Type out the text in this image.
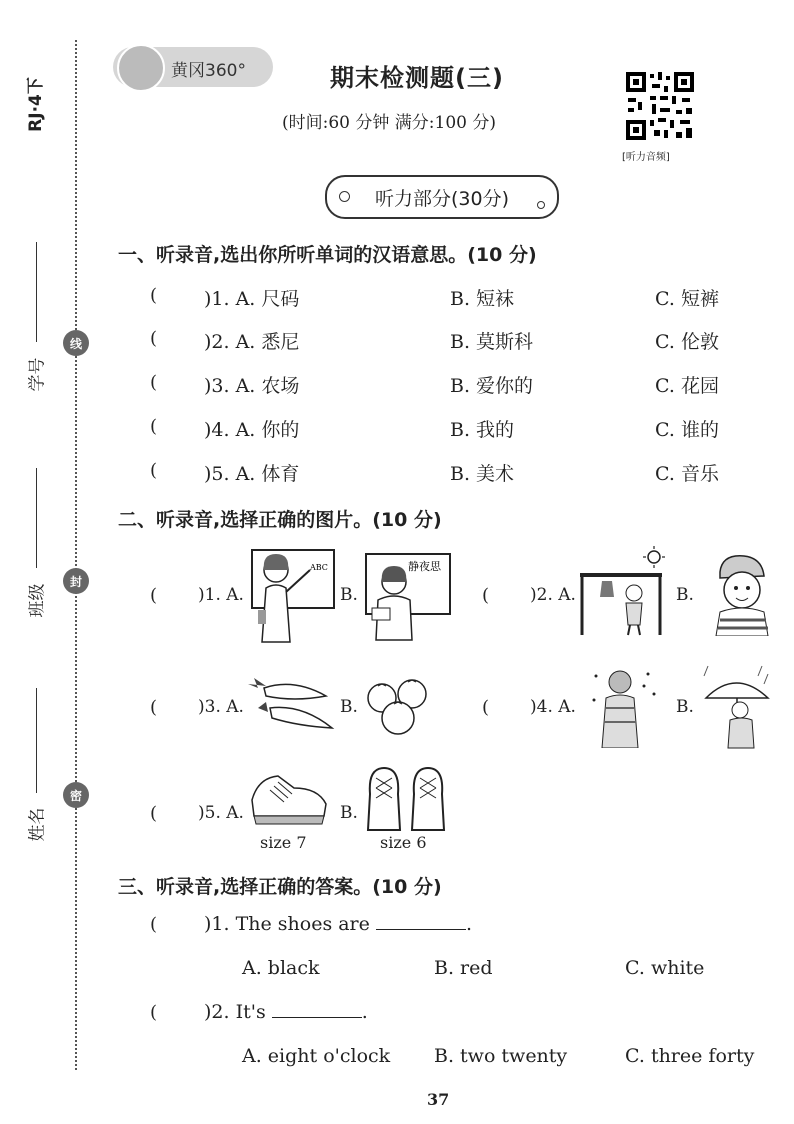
RJ·4下
学号
班级
姓名
线
封
密
黄冈360°	期末检测题(三)
(时间:60 分钟 满分:100 分)
[听力音频]
听力部分(30分)
一、听录音,选出你所听单词的汉语意思。(10 分)
( )1. A. 尺码	B. 短袜	C. 短裤
( )2. A. 悉尼	B. 莫斯科	C. 伦敦
( )3. A. 农场	B. 爱你的	C. 花园
( )4. A. 你的	B. 我的	C. 谁的
( )5. A. 体育	B. 美术	C. 音乐
二、听录音,选择正确的图片。(10 分)
( )1. A.
ABC
B.
静夜思
( )2. A.	B.
( )3. A.	B.	( )4. A.	B.
( )5. A.
size 7
B.
size 6
三、听录音,选择正确的答案。(10 分)
( )1. The shoes are	.
A. black	B. red	C. white
( )2. It's	.
A. eight o'clock B. two twenty	C. three forty
37
